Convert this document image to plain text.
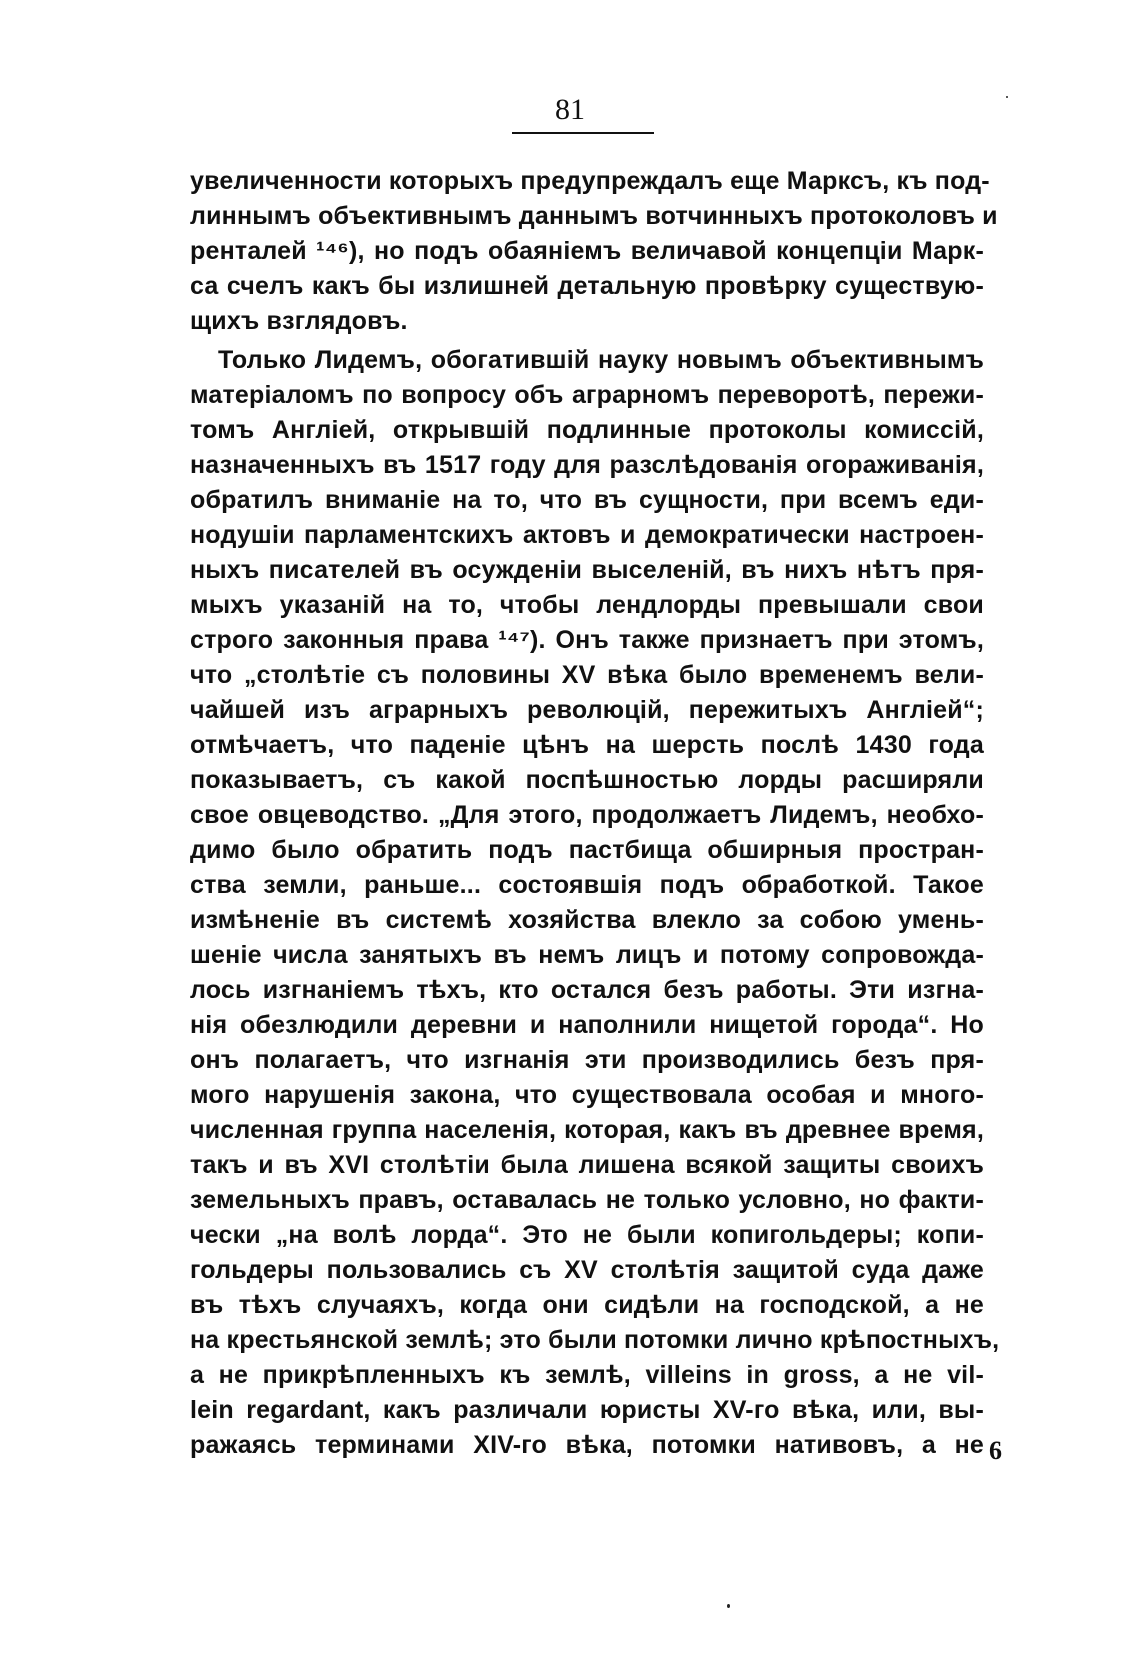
81
увеличенности которыхъ предупреждалъ еще Марксъ, къ под-
линнымъ объективнымъ даннымъ вотчинныхъ протоколовъ и
ренталей ¹⁴⁶), но подъ обаяніемъ величавой концепціи Марк-
са счелъ какъ бы излишней детальную провѣрку существую-
щихъ взглядовъ.
Только Лидемъ, обогатившій науку новымъ объективнымъ
матеріаломъ по вопросу объ аграрномъ переворотѣ, пережи-
томъ Англіей, открывшій подлинные протоколы комиссій,
назначенныхъ въ 1517 году для разслѣдованія огораживанія,
обратилъ вниманіе на то, что въ сущности, при всемъ еди-
нодушіи парламентскихъ актовъ и демократически настроен-
ныхъ писателей въ осужденіи выселеній, въ нихъ нѣтъ пря-
мыхъ указаній на то, чтобы лендлорды превышали свои
строго законныя права ¹⁴⁷). Онъ также признаетъ при этомъ,
что „столѣтіе съ половины XV вѣка было временемъ вели-
чайшей изъ аграрныхъ революцій, пережитыхъ Англіей“;
отмѣчаетъ, что паденіе цѣнъ на шерсть послѣ 1430 года
показываетъ, съ какой поспѣшностью лорды расширяли
свое овцеводство. „Для этого, продолжаетъ Лидемъ, необхо-
димо было обратить подъ пастбища обширныя простран-
ства земли, раньше... состоявшія подъ обработкой. Такое
измѣненіе въ системѣ хозяйства влекло за собою умень-
шеніе числа занятыхъ въ немъ лицъ и потому сопровожда-
лось изгнаніемъ тѣхъ, кто остался безъ работы. Эти изгна-
нія обезлюдили деревни и наполнили нищетой города“. Но
онъ полагаетъ, что изгнанія эти производились безъ пря-
мого нарушенія закона, что существовала особая и много-
численная группа населенія, которая, какъ въ древнее время,
такъ и въ XVI столѣтіи была лишена всякой защиты своихъ
земельныхъ правъ, оставалась не только условно, но факти-
чески „на волѣ лорда“. Это не были копигольдеры; копи-
гольдеры пользовались съ XV столѣтія защитой суда даже
въ тѣхъ случаяхъ, когда они сидѣли на господской, а не
на крестьянской землѣ; это были потомки лично крѣпостныхъ,
а не прикрѣпленныхъ къ землѣ, villeins in gross, а не vil-
lein regardant, какъ различали юристы XV-го вѣка, или, вы-
ражаясь терминами XIV-го вѣка, потомки нативовъ, а не 6
